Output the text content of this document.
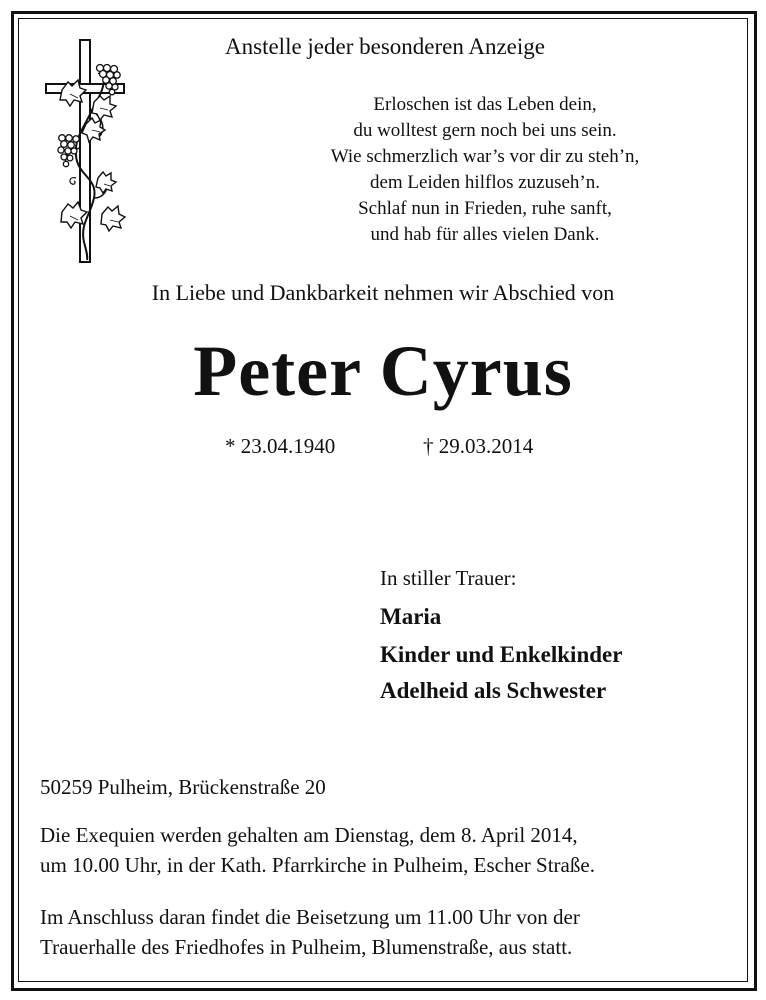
Anstelle jeder besonderen Anzeige
Erloschen ist das Leben dein,
du wolltest gern noch bei uns sein.
Wie schmerzlich war’s vor dir zu steh’n,
dem Leiden hilflos zuzuseh’n.
Schlaf nun in Frieden, ruhe sanft,
und hab für alles vielen Dank.
In Liebe und Dankbarkeit nehmen wir Abschied von
Peter Cyrus
* 23.04.1940	† 29.03.2014
In stiller Trauer:
Maria
Kinder und Enkelkinder
Adelheid als Schwester
50259 Pulheim, Brückenstraße 20
Die Exequien werden gehalten am Dienstag, dem 8. April 2014,
um 10.00 Uhr, in der Kath. Pfarrkirche in Pulheim, Escher Straße.
Im Anschluss daran findet die Beisetzung um 11.00 Uhr von der
Trauerhalle des Friedhofes in Pulheim, Blumenstraße, aus statt.
